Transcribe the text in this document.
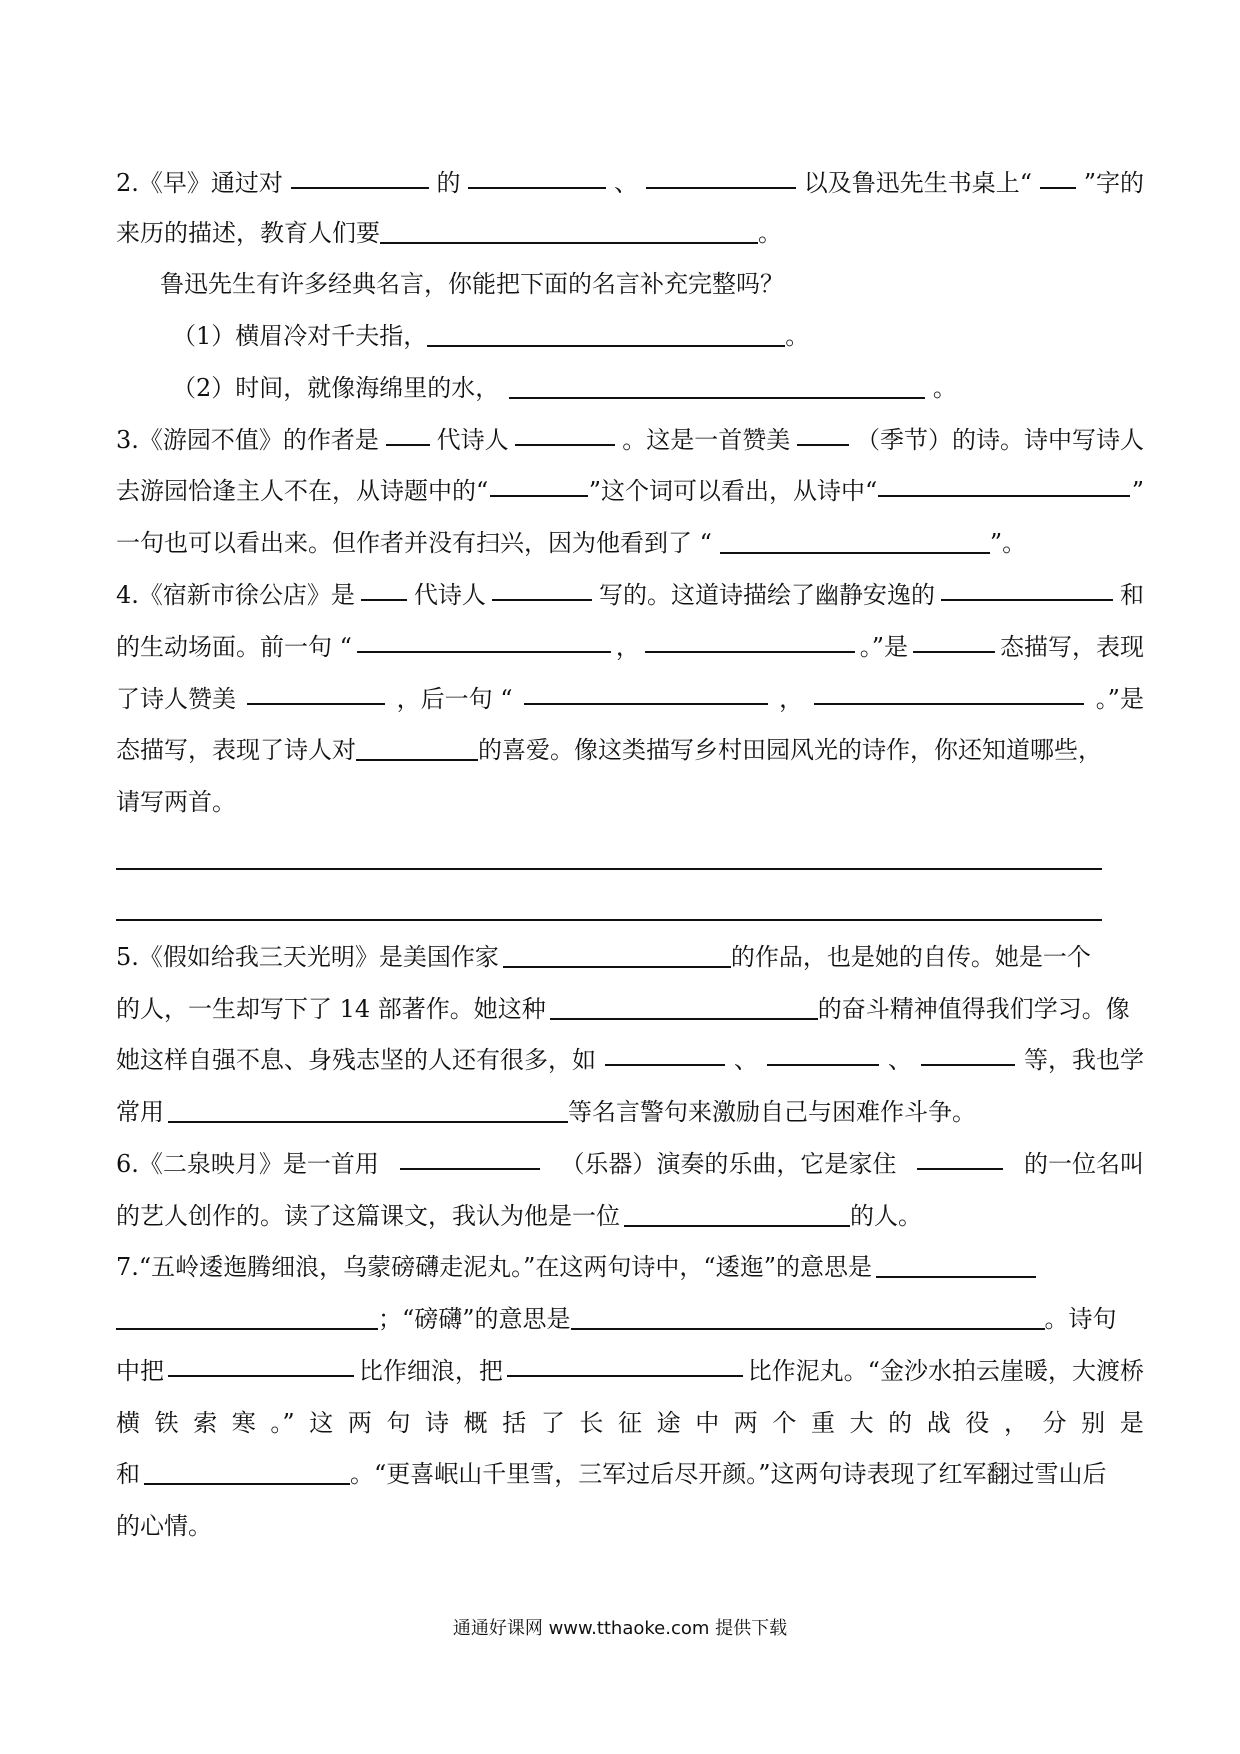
2.《早》通过对	的	、	以及鲁迅先生书桌上“ ”字的
来历的描述，教育人们要	。
鲁迅先生有许多经典名言，你能把下面的名言补充完整吗？
（1）横眉冷对千夫指，	。
（2）时间，就像海绵里的水，	。
3.《游园不值》的作者是 代诗人	。这是一首赞美	（季节）的诗。诗中写诗人
去游园恰逢主人不在，从诗题中的“	”这个词可以看出，从诗中“	”
一句也可以看出来。但作者并没有扫兴，因为他看到了 “	”。
4.《宿新市徐公店》是 代诗人	写的。这道诗描绘了幽静安逸的	和
的生动场面。前一句 “	，	。”是	态描写，表现
了诗人赞美	，后一句 “	，	。”是
态描写，表现了诗人对	的喜爱。像这类描写乡村田园风光的诗作，你还知道哪些，
请写两首。
5.《假如给我三天光明》是美国作家	的作品，也是她的自传。她是一个
的人，一生却写下了 14 部著作。她这种	的奋斗精神值得我们学习。像
她这样自强不息、身残志坚的人还有很多，如	、	、	等，我也学
常用	等名言警句来激励自己与困难作斗争。
6.《二泉映月》是一首用	（乐器）演奏的乐曲，它是家住	的一位名叫
的艺人创作的。读了这篇课文，我认为他是一位	的人。
7.“五岭逶迤腾细浪，乌蒙磅礴走泥丸。”在这两句诗中，“逶迤”的意思是
；“磅礴”的意思是	。诗句
中把	比作细浪，把	比作泥丸。“金沙水拍云崖暖，大渡桥
横 铁 索 寒 。” 这 两 句 诗 概 括 了 长 征 途 中 两 个 重 大 的 战 役 ， 分 别 是
和	。“更喜岷山千里雪，三军过后尽开颜。”这两句诗表现了红军翻过雪山后
的心情。
通通好课网 www.tthaoke.com 提供下载
